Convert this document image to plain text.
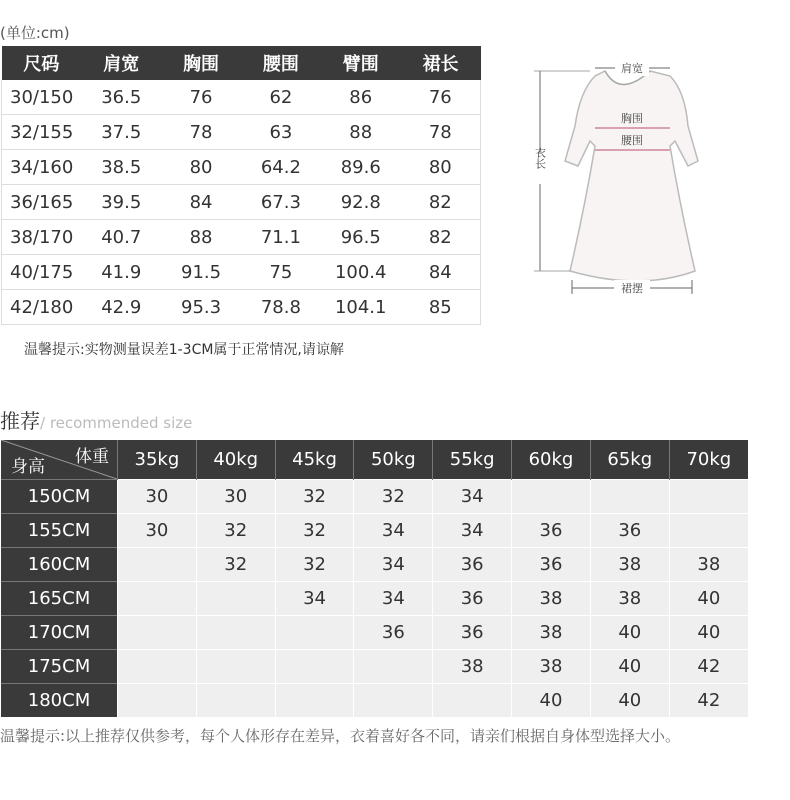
(单位:cm)
尺码	肩宽	胸围	腰围	臂围	裙长
30/150	36.5	76	62	86	76
32/155	37.5	78	63	88	78
34/160	38.5	80	64.2	89.6	80
36/165	39.5	84	67.3	92.8	82
38/170	40.7	88	71.1	96.5	82
40/175	41.9	91.5	75	100.4	84
42/180	42.9	95.3	78.8	104.1	85
温馨提示:实物测量误差1-3CM属于正常情况,请谅解
肩宽
胸围
腰围
衣长
裙摆
推荐/ recommended size
体重
身高	35kg	40kg	45kg	50kg	55kg	60kg	65kg	70kg
150CM	30	30	32	32	34			
155CM	30	32	32	34	34	36	36	
160CM		32	32	34	36	36	38	38
165CM			34	34	36	38	38	40
170CM				36	36	38	40	40
175CM					38	38	40	42
180CM						40	40	42
温馨提示:以上推荐仅供参考，每个人体形存在差异，衣着喜好各不同，请亲们根据自身体型选择大小。
